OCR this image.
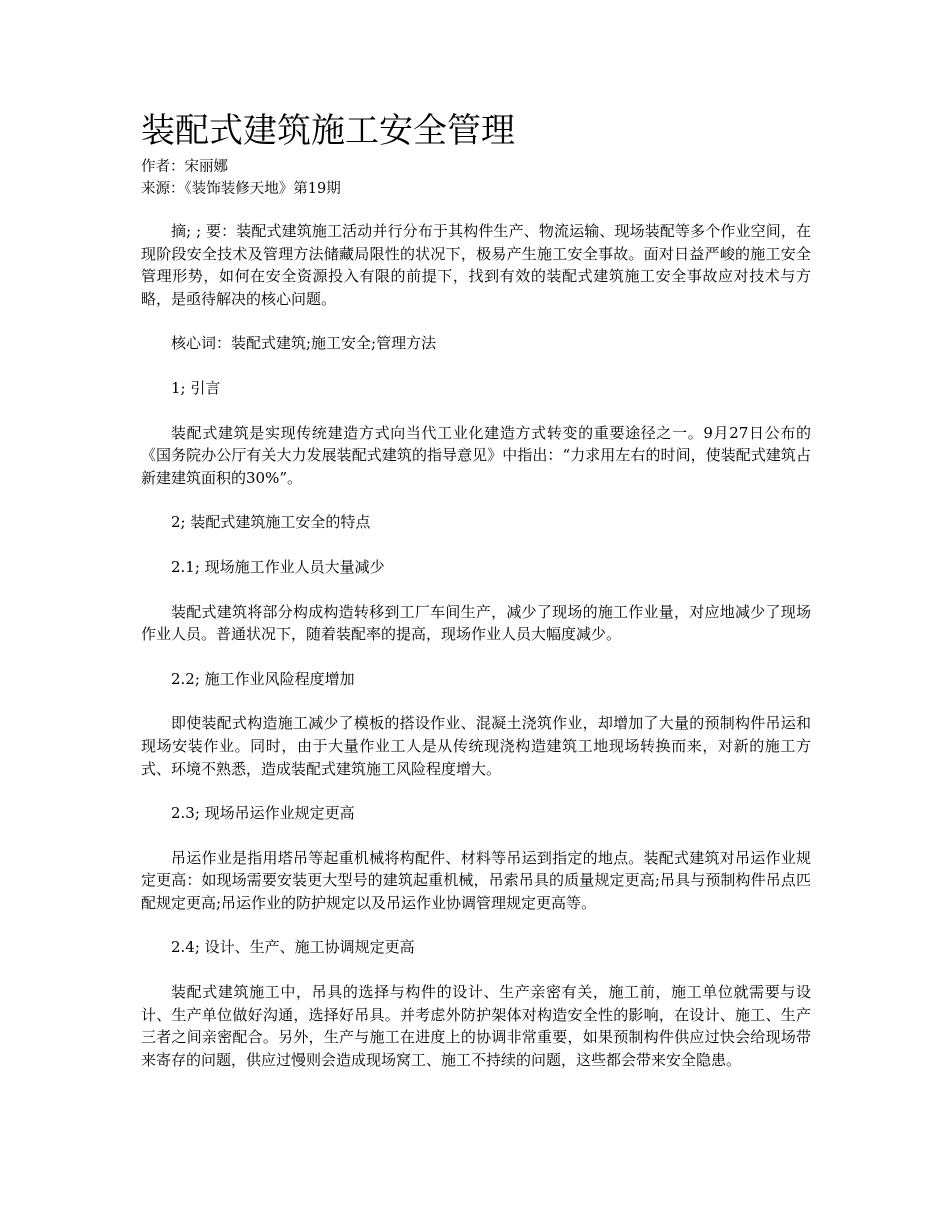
装配式建筑施工安全管理

作者：宋丽娜

来源：《装饰装修天地》第19期

摘; ; 要：装配式建筑施工活动并行分布于其构件生产、物流运输、现场装配等多个作业空间，在现阶段安全技术及管理方法储藏局限性的状况下，极易产生施工安全事故。面对日益严峻的施工安全管理形势，如何在安全资源投入有限的前提下，找到有效的装配式建筑施工安全事故应对技术与方略，是亟待解决的核心问题。

核心词：装配式建筑;施工安全;管理方法

1; 引言

装配式建筑是实现传统建造方式向当代工业化建造方式转变的重要途径之一。9月27日公布的《国务院办公厅有关大力发展装配式建筑的指导意见》中指出：“力求用左右的时间，使装配式建筑占新建建筑面积的30%”。

2; 装配式建筑施工安全的特点

2.1; 现场施工作业人员大量减少

装配式建筑将部分构成构造转移到工厂车间生产，减少了现场的施工作业量，对应地减少了现场作业人员。普通状况下，随着装配率的提高，现场作业人员大幅度减少。

2.2; 施工作业风险程度增加

即使装配式构造施工减少了模板的搭设作业、混凝土浇筑作业，却增加了大量的预制构件吊运和现场安装作业。同时，由于大量作业工人是从传统现浇构造建筑工地现场转换而来，对新的施工方式、环境不熟悉，造成装配式建筑施工风险程度增大。

2.3; 现场吊运作业规定更高

吊运作业是指用塔吊等起重机械将构配件、材料等吊运到指定的地点。装配式建筑对吊运作业规定更高：如现场需要安装更大型号的建筑起重机械，吊索吊具的质量规定更高;吊具与预制构件吊点匹配规定更高;吊运作业的防护规定以及吊运作业协调管理规定更高等。

2.4; 设计、生产、施工协调规定更高

装配式建筑施工中，吊具的选择与构件的设计、生产亲密有关，施工前，施工单位就需要与设计、生产单位做好沟通，选择好吊具。并考虑外防护架体对构造安全性的影响，在设计、施工、生产三者之间亲密配合。另外，生产与施工在进度上的协调非常重要，如果预制构件供应过快会给现场带来寄存的问题，供应过慢则会造成现场窝工、施工不持续的问题，这些都会带来安全隐患。
